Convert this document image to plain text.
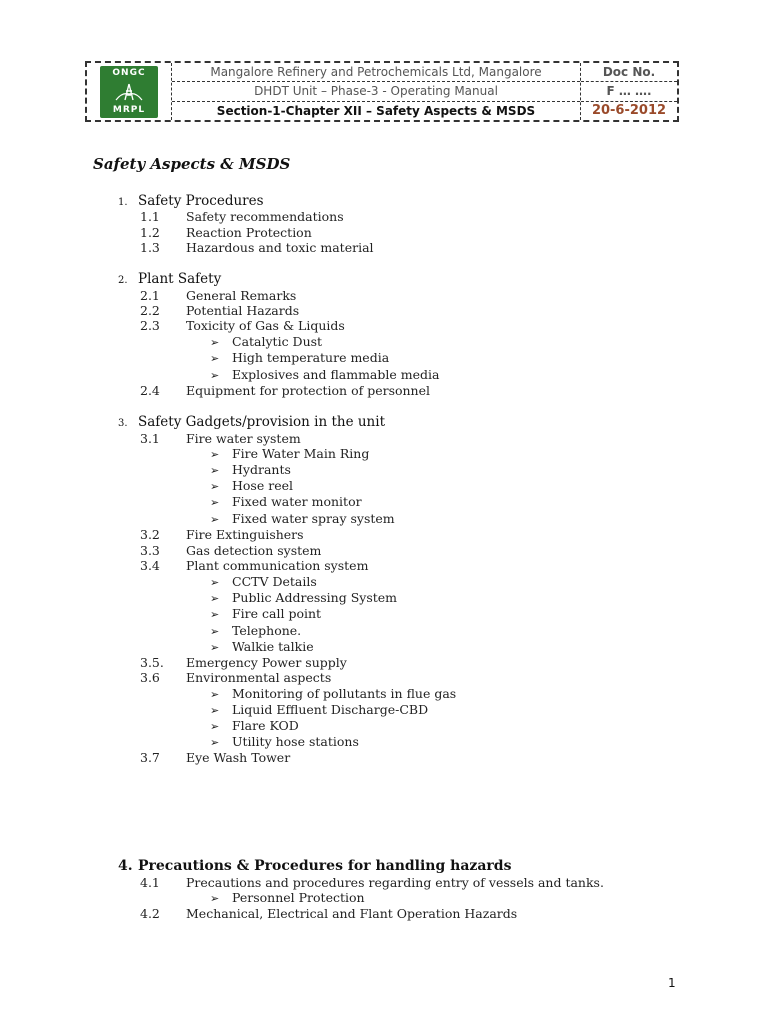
ONGC
MRPL
Mangalore Refinery and Petrochemicals Ltd, Mangalore
DHDT Unit – Phase-3 - Operating Manual
Section-1-Chapter XII – Safety Aspects & MSDS
Doc No.
F … ….
20-6-2012
Safety Aspects & MSDS
1. Safety Procedures
1.1	Safety recommendations
1.2	Reaction Protection
1.3	Hazardous and toxic material
2. Plant Safety
2.1	General Remarks
2.2	Potential Hazards
2.3	Toxicity of Gas & Liquids
➢	Catalytic Dust
➢	High temperature media
➢	Explosives and flammable media
2.4	Equipment for protection of personnel
3. Safety Gadgets/provision in the unit
3.1	Fire water system
➢	Fire Water Main Ring
➢	Hydrants
➢	Hose reel
➢	Fixed water monitor
➢	Fixed water spray system
3.2	Fire Extinguishers
3.3	Gas detection system
3.4	Plant communication system
➢	CCTV Details
➢	Public Addressing System
➢	Fire call point
➢	Telephone.
➢	Walkie talkie
3.5.	Emergency Power supply
3.6	Environmental aspects
➢	Monitoring of pollutants in flue gas
➢	Liquid Effluent Discharge-CBD
➢	Flare KOD
➢	Utility hose stations
3.7	Eye Wash Tower
4. Precautions & Procedures for handling hazards
4.1	Precautions and procedures regarding entry of vessels and tanks.
➢	Personnel Protection
4.2	Mechanical, Electrical and Flant Operation Hazards
1
